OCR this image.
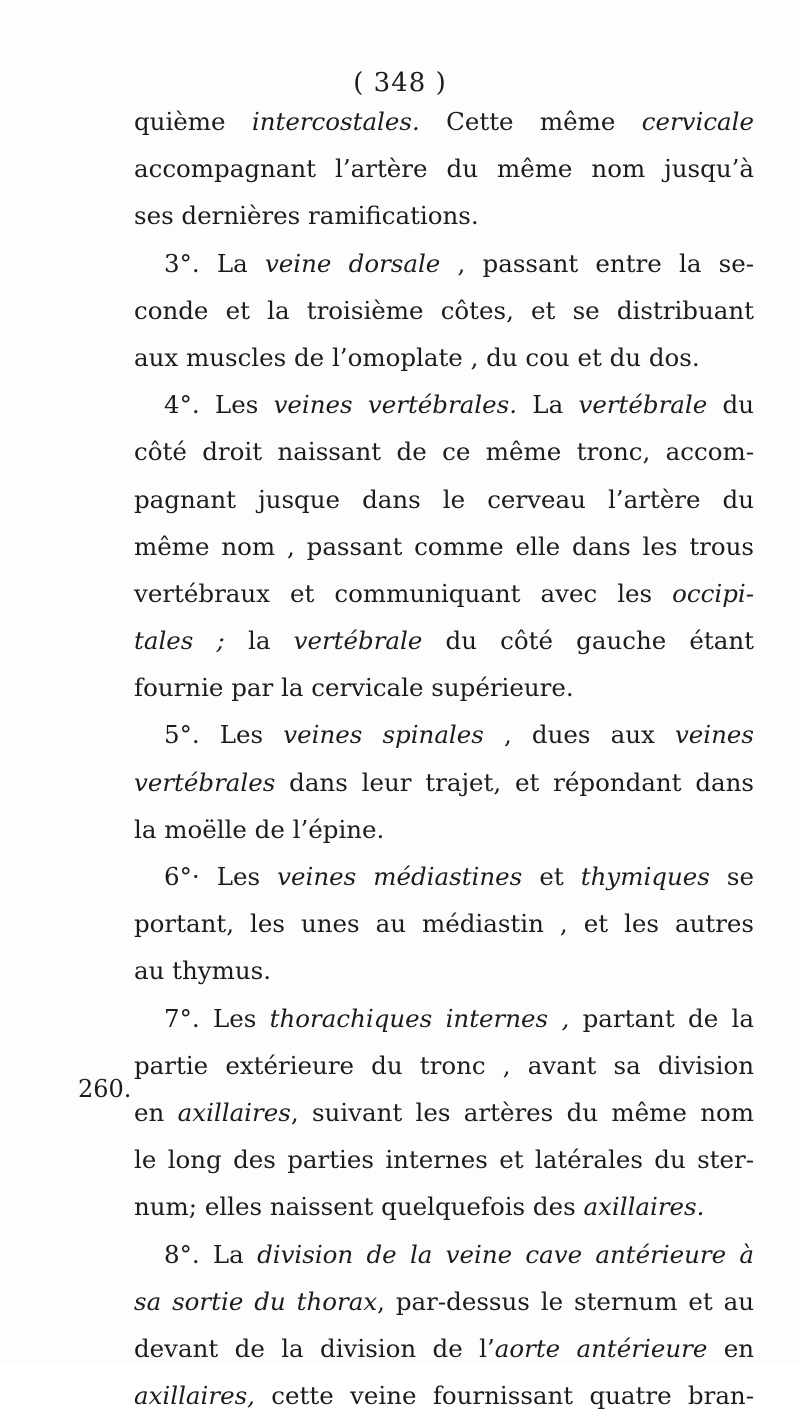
( 348 )
260.
quième intercostales. Cette même cervicale
accompagnant l’artère du même nom jusqu’à
ses dernières ramifications.
3°. La veine dorsale , passant entre la se-
conde et la troisième côtes, et se distribuant
aux muscles de l’omoplate , du cou et du dos.
4°. Les veines vertébrales. La vertébrale du
côté droit naissant de ce même tronc, accom-
pagnant jusque dans le cerveau l’artère du
même nom , passant comme elle dans les trous
vertébraux et communiquant avec les occipi-
tales ; la vertébrale du côté gauche étant
fournie par la cervicale supérieure.
5°. Les veines spinales , dues aux veines
vertébrales dans leur trajet, et répondant dans
la moëlle de l’épine.
6°· Les veines médiastines et thymiques se
portant, les unes au médiastin , et les autres
au thymus.
7°. Les thorachiques internes , partant de la
partie extérieure du tronc , avant sa division
en axillaires, suivant les artères du même nom
le long des parties internes et latérales du ster-
num; elles naissent quelquefois des axillaires.
8°. La division de la veine cave antérieure à
sa sortie du thorax, par-dessus le sternum et au
devant de la division de l’aorte antérieure en
axillaires, cette veine fournissant quatre bran-
